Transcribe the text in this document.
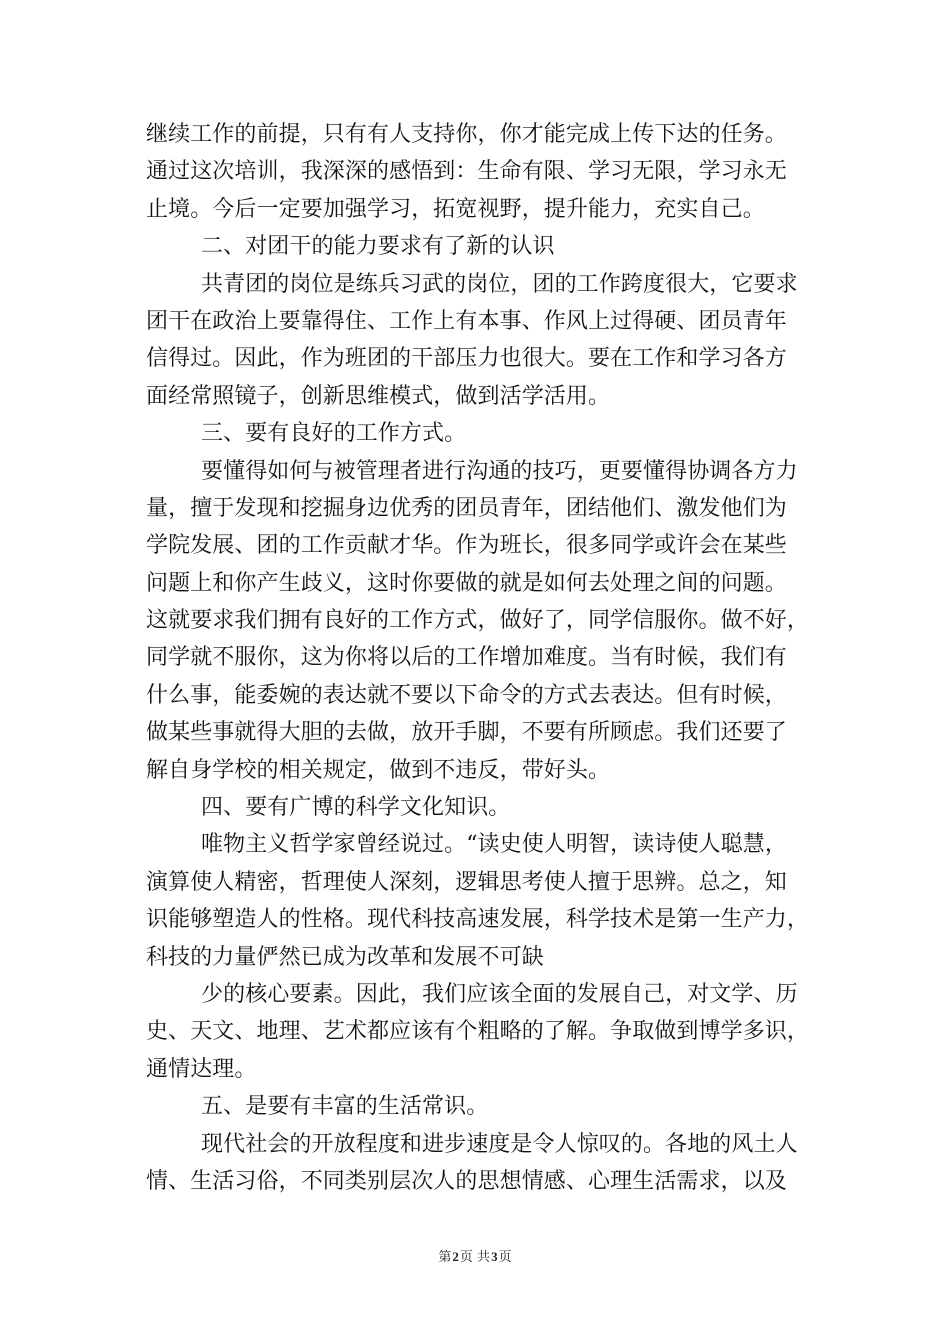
继续工作的前提，只有有人支持你，你才能完成上传下达的任务。
通过这次培训，我深深的感悟到：生命有限、学习无限，学习永无
止境。今后一定要加强学习，拓宽视野，提升能力，充实自己。
二、对团干的能力要求有了新的认识
共青团的岗位是练兵习武的岗位，团的工作跨度很大，它要求
团干在政治上要靠得住、工作上有本事、作风上过得硬、团员青年
信得过。因此，作为班团的干部压力也很大。要在工作和学习各方
面经常照镜子，创新思维模式，做到活学活用。
三、要有良好的工作方式。
要懂得如何与被管理者进行沟通的技巧，更要懂得协调各方力
量，擅于发现和挖掘身边优秀的团员青年，团结他们、激发他们为
学院发展、团的工作贡献才华。作为班长，很多同学或许会在某些
问题上和你产生歧义，这时你要做的就是如何去处理之间的问题。
这就要求我们拥有良好的工作方式，做好了，同学信服你。做不好，
同学就不服你，这为你将以后的工作增加难度。当有时候，我们有
什么事，能委婉的表达就不要以下命令的方式去表达。但有时候，
做某些事就得大胆的去做，放开手脚，不要有所顾虑。我们还要了
解自身学校的相关规定，做到不违反，带好头。
四、要有广博的科学文化知识。
唯物主义哲学家曾经说过。“读史使人明智，读诗使人聪慧，
演算使人精密，哲理使人深刻，逻辑思考使人擅于思辨。总之，知
识能够塑造人的性格。现代科技高速发展，科学技术是第一生产力，
科技的力量俨然已成为改革和发展不可缺
少的核心要素。因此，我们应该全面的发展自己，对文学、历
史、天文、地理、艺术都应该有个粗略的了解。争取做到博学多识，
通情达理。
五、是要有丰富的生活常识。
现代社会的开放程度和进步速度是令人惊叹的。各地的风土人
情、生活习俗，不同类别层次人的思想情感、心理生活需求，以及
第2页 共3页
